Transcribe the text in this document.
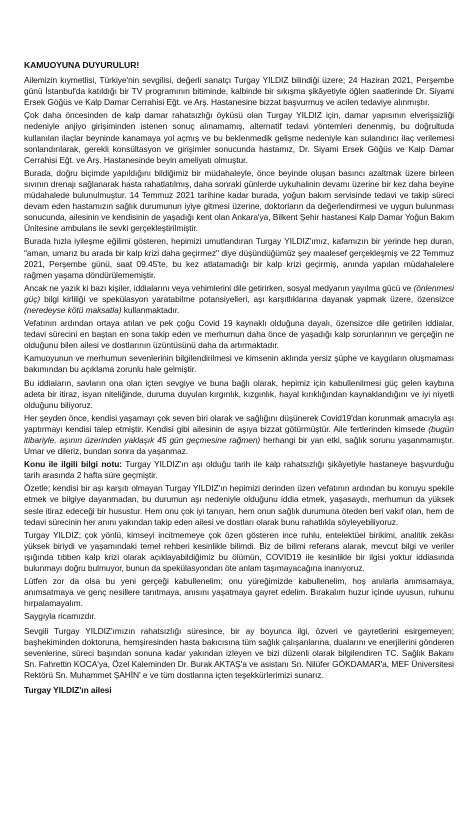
KAMUOYUNA DUYURULUR!

Ailemizin kıymetlisi, Türkiye'nin sevgilisi, değerli sanatçı Turgay YILDIZ bilindiği üzere; 24 Haziran 2021, Perşembe günü İstanbul'da katıldığı bir TV programının bitiminde, kalbinde bir sıkışma şikâyetiyle öğlen saatlerinde Dr. Siyami Ersek Göğüs ve Kalp Damar Cerrahisi Eğt. ve Arş. Hastanesine bizzat başvurmuş ve acilen tedaviye alınmıştır.

Çok daha öncesinden de kalp damar rahatsızlığı öyküsü olan Turgay YILDIZ için, damar yapısının elverişsizliği nedeniyle anjiyo girişiminden istenen sonuç alınamamış, alternatif tedavi yöntemleri denenmiş, bu doğrultuda kullanılan ilaçlar beyninde kanamaya yol açmış ve bu beklenmedik gelişme nedeniyle kan sulandırıcı ilaç verilemesi sonlandırılarak, gerekli konsültasyon ve girişimler sonucunda hastamız, Dr. Siyami Ersek Göğüs ve Kalp Damar Cerrahisi Eğt. ve Arş. Hastanesinde beyin ameliyatı olmuştur.

Burada, doğru biçimde yapıldığını bildiğimiz bir müdahaleyle, önce beyinde oluşan basıncı azaltmak üzere birleen sıvının drenajı sağlanarak hasta rahatlatılmış, daha sonraki günlerde uykuhalinin devamı üzerine bir kez daha beyine müdahalede bulunulmuştur. 14 Temmuz 2021 tarihine kadar burada, yoğun bakım servisinde tedavi ve takip süreci devam eden hastamızın sağlık durumunun iyiye gitmesi üzerine, doktorların da değerlendirmesi ve uygun bulunması sonucunda, ailesinin ve kendisinin de yaşadığı kent olan Ankara'ya, Bilkent Şehir hastanesi Kalp Damar Yoğun Bakım Ünitesine ambulans ile sevki gerçekleştirilmiştir.

Burada hızla iyileşme eğilimi gösteren, hepimizi umutlandıran Turgay YILDIZ'ımız, kafamızın bir yerinde hep duran, "aman, umarız bu arada bir kalp krizi daha geçirmez" diye düşündüğümüz şey maalesef gerçekleşmiş ve 22 Temmuz 2021, Perşembe günü, saat 09.45'te, bu kez atlatamadığı bir kalp krizi geçirmiş, anında yapılan müdahalelere rağmen yaşama döndürülememiştir.

Ancak ne yazık ki bazı kişiler, iddialarını veya vehimlerini dile getirirken, sosyal medyanın yayılma gücü ve (önlenmesi güç) bilgi kirliliği ve spekülasyon yaratabilme potansiyelleri, aşı karşıtlıklarına dayanak yapmak üzere, özensizce (neredeyse kötü maksatla) kullanmaktadır.

Vefatının ardından ortaya atılan ve pek çoğu Covid 19 kaynaklı olduğuna dayalı, özensizce dile getirilen iddialar, tedavi sürecini en baştan en sona takip eden ve merhumun daha önce de yaşadığı kalp sorunlarının ve gerçeğin ne olduğunu bilen ailesi ve dostlarının üzüntüsünü daha da artırmaktadır.

Kamuoyunun ve merhumun sevenlerinin bilgilendirilmesi ve kimsenin aklında yersiz şüphe ve kaygıların oluşmaması bakımından bu açıklama zorunlu hale gelmiştir.

Bu iddiaların, savların ona olan içten sevgiye ve buna bağlı olarak, hepimiz için kabullenilmesi güç gelen kaybına adeta bir itiraz, isyan niteliğinde, duruma duyulan kırgınlık, kızgınlık, hayal kırıklığından kaynaklandığını ve iyi niyetli olduğunu biliyoruz.

Her şeyden önce, kendisi yaşamayı çok seven biri olarak ve sağlığını düşünerek Covid19'dan korunmak amacıyla aşı yaptırmayı kendisi talep etmiştir. Kendisi gibi ailesinin de aşıya bizzat götürmüştür. Aile fertlerinden kimsede (bugün itibariyle, aşının üzerinden yaklaşık 45 gün geçmesine rağmen) herhangi bir yan etki, sağlık sorunu yaşanmamıştır. Umar ve dileriz, bundan sonra da yaşanmaz.

Konu ile ilgili bilgi notu: Turgay YILDIZ'ın aşı olduğu tarih ile kalp rahatsızlığı şikâyetiyle hastaneye başvurduğu tarih arasında 2 hafta süre geçmiştir.

Özetle; kendisi bir aşı karşıtı olmayan Turgay YILDIZ'ın hepimizi derinden üzen vefatının ardından bu konuyu spekile etmek ve bilgiye dayanmadan, bu durumun aşı nedeniyle olduğunu iddia etmek, yaşasaydı, merhumun da yüksek sesle itiraz edeceği bir husustur. Hem onu çok iyi tanıyan, hem onun sağlık durumuna öteden beri vakıf olan, hem de tedavi sürecinin her anını yakından takip eden ailesi ve dostları olarak bunu rahatlıkla söyleyebiliyoruz.

Turgay YILDIZ; çok yönlü, kimseyi incitmemeye çok özen gösteren ince ruhlu, entelektüel birikimi, analitik zekâsı yüksek biriydi ve yaşamındaki temel rehberi kesinlikle bilimdi. Biz de bilimi referans alarak, mevcut bilgi ve veriler ışığında tıbben kalp krizi olarak açıklayabildiğimiz bu ölümün, COVID19 ile kesinlikle bir ilgisi yoktur iddiasında bulunmayı doğru bulmuyor, bunun da spekülasyondan öte anlam taşımayacağına inanıyoruz.

Lütfen zor da olsa bu yeni gerçeği kabullenelim; onu yüreğimizde kabullenelim, hoş anılarla anımsamaya, anımsatmaya ve genç nesillere tanıtmaya, anısını yaşatmaya gayret edelim. Bırakalım huzur içinde uyusun, ruhunu hırpalamayalım.

Saygıyla ricamızdır.

Sevgili Turgay YILDIZ'ımızın rahatsızlığı süresince, bir ay boyunca ilgi, özveri ve gayretlerini esirgemeyen; başhekiminden doktoruna, hemşiresinden hasta bakıcısına tüm sağlık çalışanlarına, dualarını ve enerjilerini gönderen sevenlerine, süreci başından sonuna kadar yakından izleyen ve bizi düzenli olarak bilgilendiren TC. Sağlık Bakanı Sn. Fahrettin KOCA'ya, Özel Kaleminden Dr. Burak AKTAŞ'a ve asistanı Sn. Nilüfer GÖKDAMAR'a, MEF Üniversitesi Rektörü Sn. Muhammet ŞAHİN' e ve tüm dostlarına içten teşekkürlerimizi sunarız.

Turgay YILDIZ'ın ailesi
